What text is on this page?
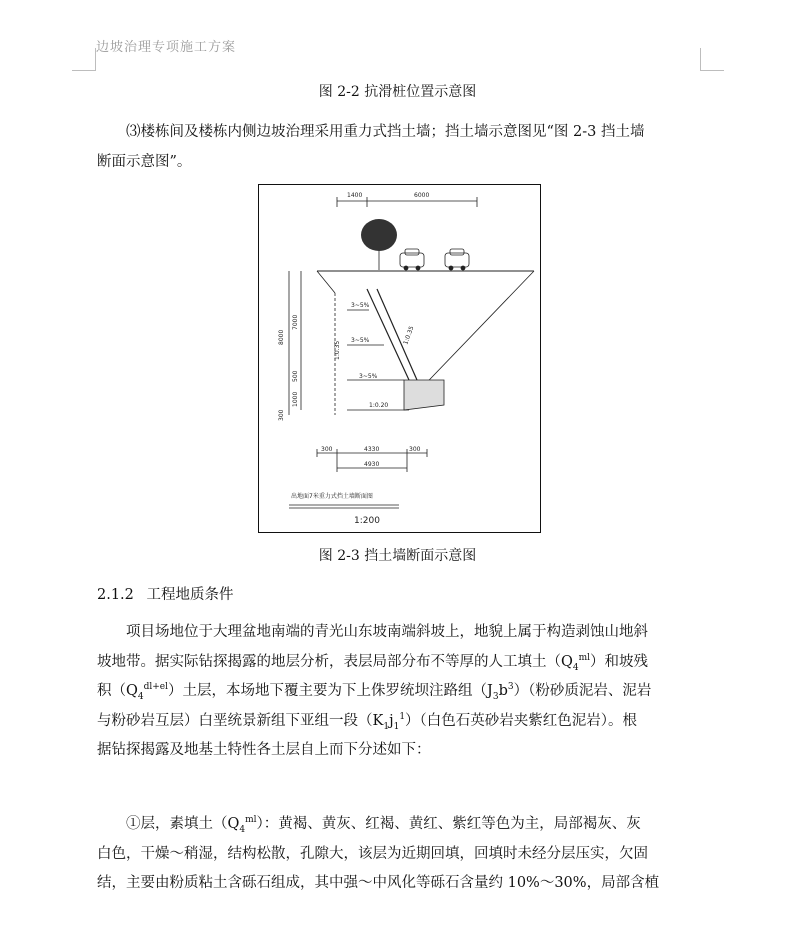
边坡治理专项施工方案
图 2-2 抗滑桩位置示意图

⑶楼栋间及楼栋内侧边坡治理采用重力式挡土墙；挡土墙示意图见“图 2-3 挡土墙

断面示意图”。

1400	6000
8000
7000
500
1000
300
300	4330	300
4930
3~5%
3~5%
3~5%
1:0.35
1:0.35
1:0.20
出地面7米重力式挡土墙断面图
1:200
图 2-3 挡土墙断面示意图
2.1.2 工程地质条件

项目场地位于大理盆地南端的青光山东坡南端斜坡上，地貌上属于构造剥蚀山地斜

坡地带。据实际钻探揭露的地层分析，表层局部分布不等厚的人工填土$(Q_4^{ml})$和坡残

积$(Q_4^{dl+el})$土层，本场地下覆主要为下上侏罗统坝注路组$(J_3b^3)$（粉砂质泥岩、泥岩

与粉砂岩互层）白垩统景新组下亚组一段$(K_1j_1^1)$（白色石英砂岩夹紫红色泥岩）。根

据钻探揭露及地基土特性各土层自上而下分述如下：

①层，素填土$(Q_4^{ml})$：黄褐、黄灰、红褐、黄红、紫红等色为主，局部褐灰、灰

白色，干燥～稍湿，结构松散，孔隙大，该层为近期回填，回填时未经分层压实，欠固

结，主要由粉质粘土含砾石组成，其中强～中风化等砾石含量约 10%～30%，局部含植
